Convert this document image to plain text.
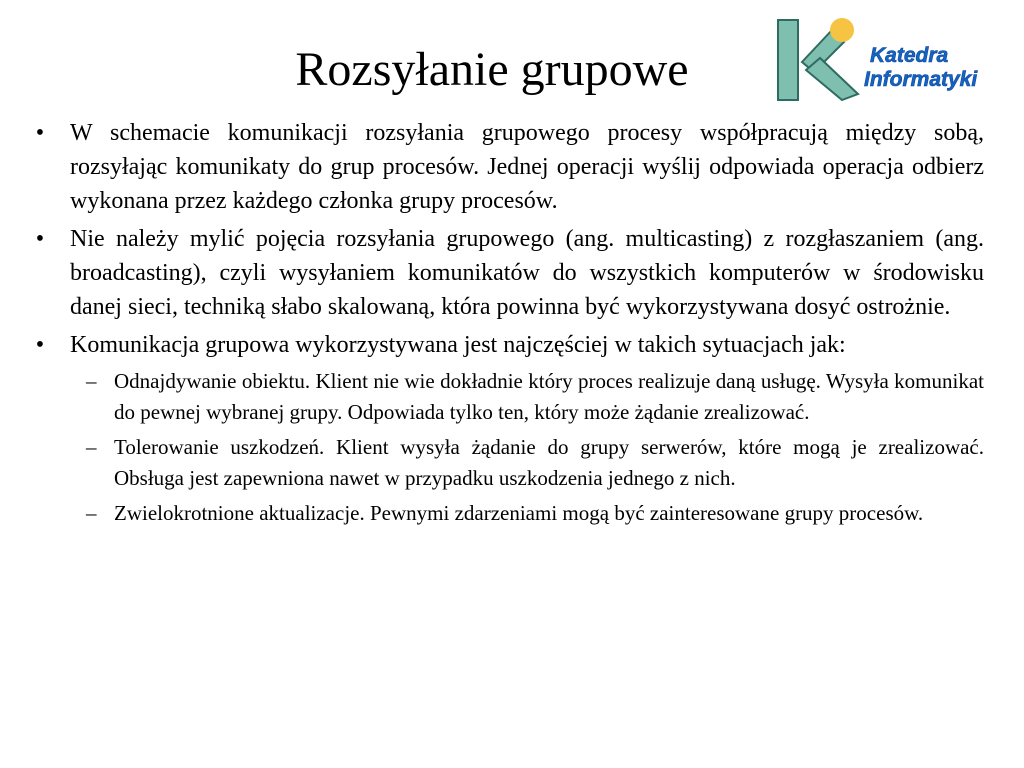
Rozsyłanie grupowe	Katedra
Informatyki
• W schemacie komunikacji rozsyłania grupowego procesy współpracują między sobą, rozsyłając komunikaty do grup procesów. Jednej operacji wyślij odpowiada operacja odbierz wykonana przez każdego członka grupy procesów.
• Nie należy mylić pojęcia rozsyłania grupowego (ang. multicasting) z rozgłaszaniem (ang. broadcasting), czyli wysyłaniem komunikatów do wszystkich komputerów w środowisku danej sieci, techniką słabo skalowaną, która powinna być wykorzystywana dosyć ostrożnie.
• Komunikacja grupowa wykorzystywana jest najczęściej w takich sytuacjach jak:
– Odnajdywanie obiektu. Klient nie wie dokładnie który proces realizuje daną usługę. Wysyła komunikat do pewnej wybranej grupy. Odpowiada tylko ten, który może żądanie zrealizować.
– Tolerowanie uszkodzeń. Klient wysyła żądanie do grupy serwerów, które mogą je zrealizować. Obsługa jest zapewniona nawet w przypadku uszkodzenia jednego z nich.
– Zwielokrotnione aktualizacje. Pewnymi zdarzeniami mogą być zainteresowane grupy procesów.
